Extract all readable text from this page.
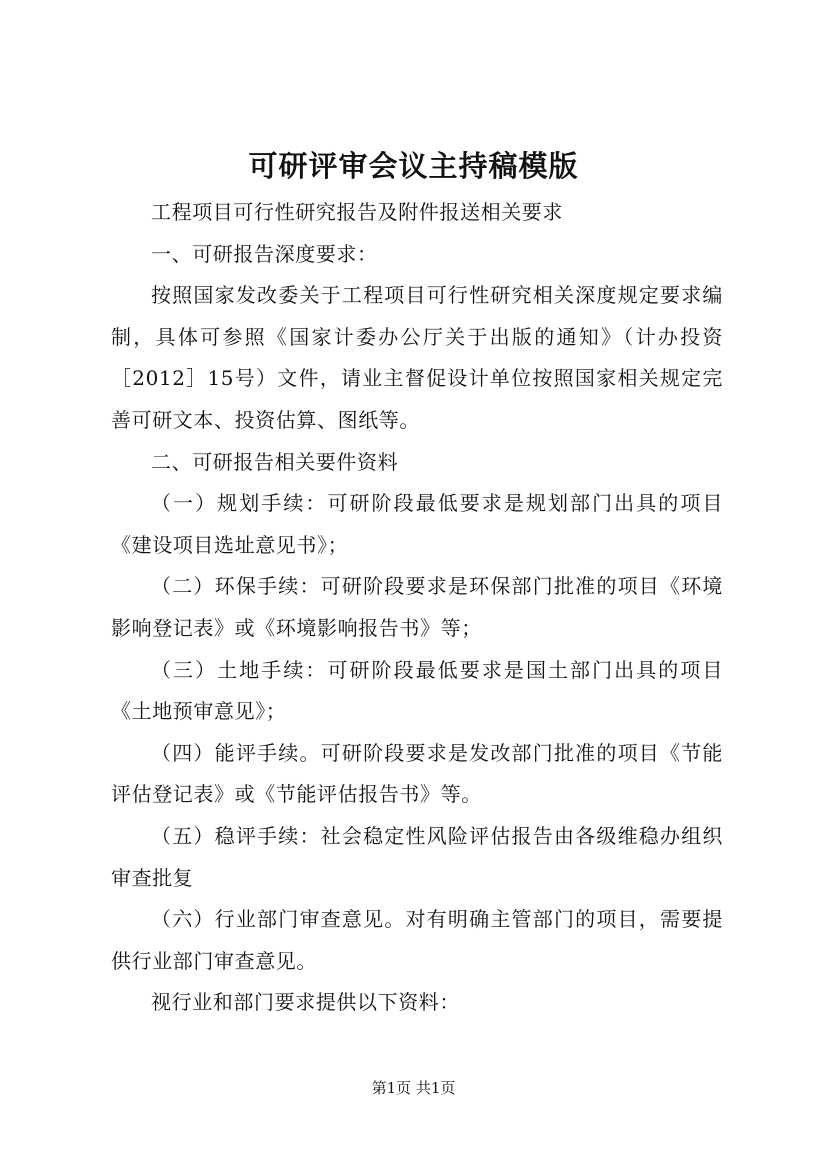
可研评审会议主持稿模版

工程项目可行性研究报告及附件报送相关要求

一、可研报告深度要求：

按照国家发改委关于工程项目可行性研究相关深度规定要求编制，具体可参照《国家计委办公厅关于出版的通知》（计办投资［2012］15号）文件，请业主督促设计单位按照国家相关规定完善可研文本、投资估算、图纸等。

二、可研报告相关要件资料

（一）规划手续：可研阶段最低要求是规划部门出具的项目《建设项目选址意见书》；

（二）环保手续：可研阶段要求是环保部门批准的项目《环境影响登记表》或《环境影响报告书》等；

（三）土地手续：可研阶段最低要求是国土部门出具的项目《土地预审意见》；

（四）能评手续。可研阶段要求是发改部门批准的项目《节能评估登记表》或《节能评估报告书》等。

（五）稳评手续：社会稳定性风险评估报告由各级维稳办组织审查批复

（六）行业部门审查意见。对有明确主管部门的项目，需要提供行业部门审查意见。

视行业和部门要求提供以下资料：

第1页 共1页
